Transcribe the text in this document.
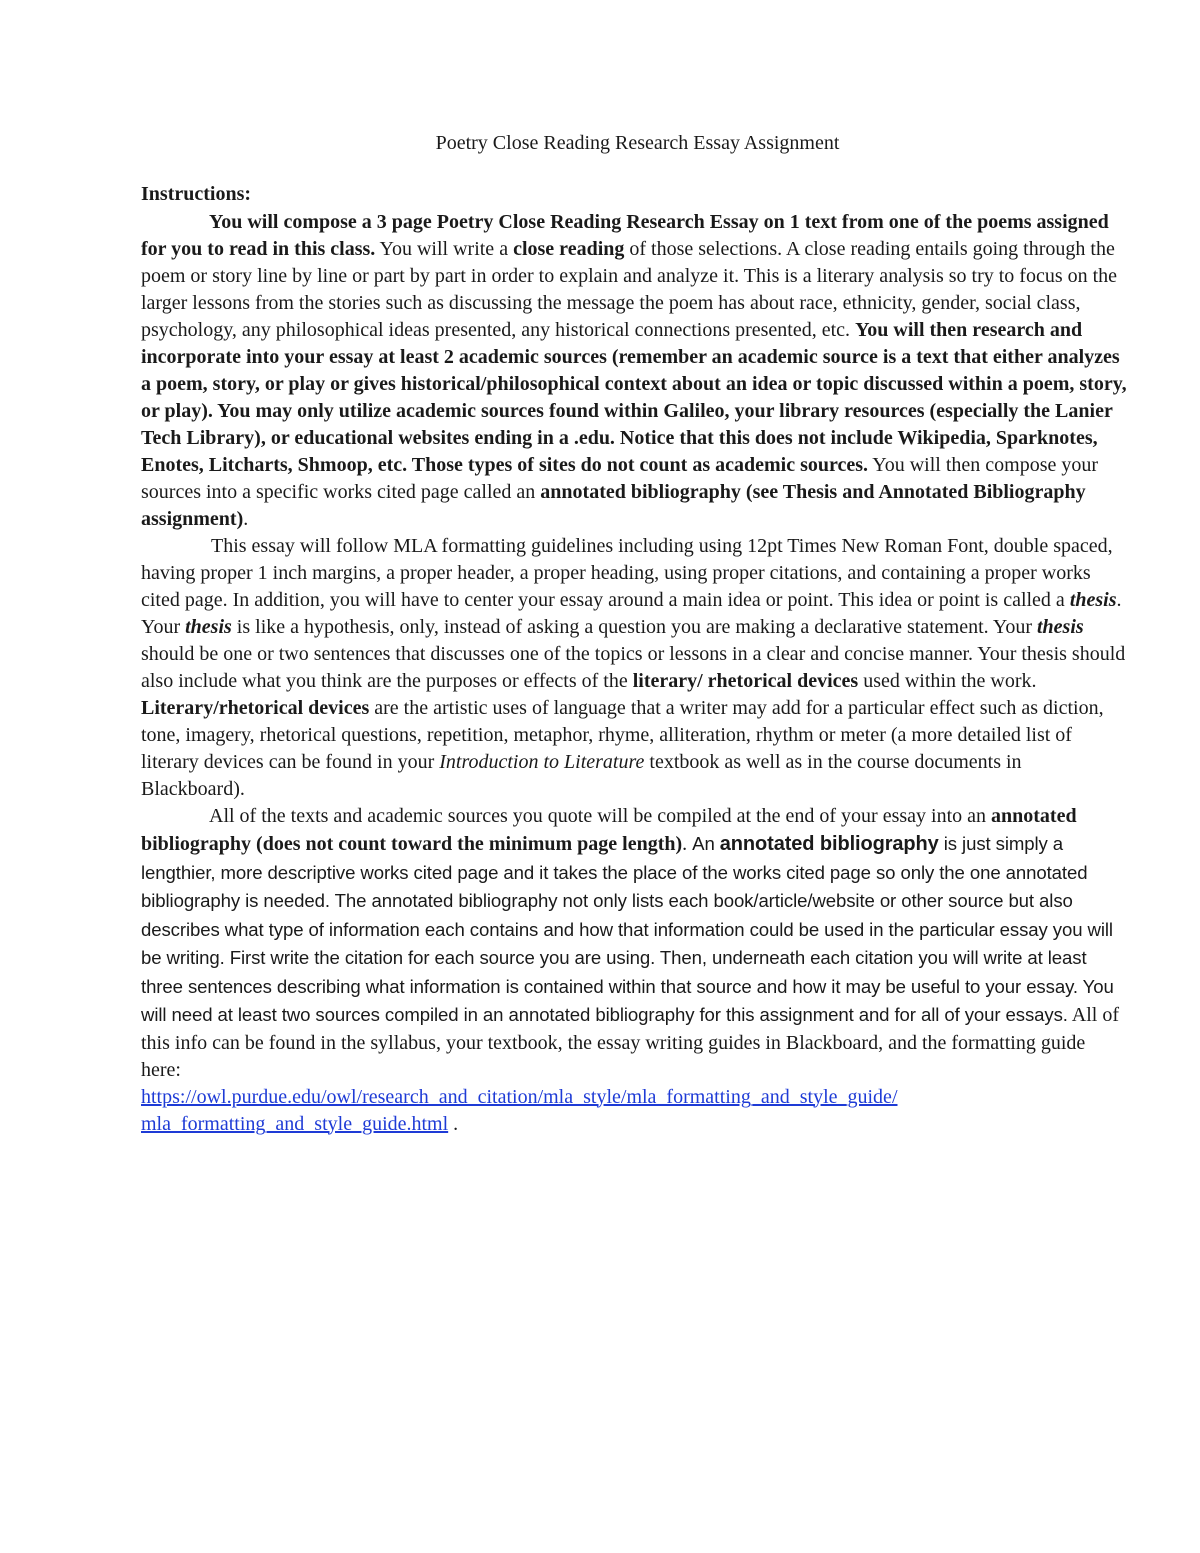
Poetry Close Reading Research Essay Assignment

Instructions:

You will compose a 3 page Poetry Close Reading Research Essay on 1 text from one of the poems assigned for you to read in this class. You will write a close reading of those selections. A close reading entails going through the poem or story line by line or part by part in order to explain and analyze it. This is a literary analysis so try to focus on the larger lessons from the stories such as discussing the message the poem has about race, ethnicity, gender, social class, psychology, any philosophical ideas presented, any historical connections presented, etc. You will then research and incorporate into your essay at least 2 academic sources (remember an academic source is a text that either analyzes a poem, story, or play or gives historical/philosophical context about an idea or topic discussed within a poem, story, or play). You may only utilize academic sources found within Galileo, your library resources (especially the Lanier Tech Library), or educational websites ending in a .edu. Notice that this does not include Wikipedia, Sparknotes, Enotes, Litcharts, Shmoop, etc. Those types of sites do not count as academic sources. You will then compose your sources into a specific works cited page called an annotated bibliography (see Thesis and Annotated Bibliography assignment).

This essay will follow MLA formatting guidelines including using 12pt Times New Roman Font, double spaced, having proper 1 inch margins, a proper header, a proper heading, using proper citations, and containing a proper works cited page. In addition, you will have to center your essay around a main idea or point. This idea or point is called a thesis. Your thesis is like a hypothesis, only, instead of asking a question you are making a declarative statement. Your thesis should be one or two sentences that discusses one of the topics or lessons in a clear and concise manner. Your thesis should also include what you think are the purposes or effects of the literary/ rhetorical devices used within the work. Literary/rhetorical devices are the artistic uses of language that a writer may add for a particular effect such as diction, tone, imagery, rhetorical questions, repetition, metaphor, rhyme, alliteration, rhythm or meter (a more detailed list of literary devices can be found in your Introduction to Literature textbook as well as in the course documents in Blackboard).

All of the texts and academic sources you quote will be compiled at the end of your essay into an annotated bibliography (does not count toward the minimum page length). An annotated bibliography is just simply a lengthier, more descriptive works cited page and it takes the place of the works cited page so only the one annotated bibliography is needed. The annotated bibliography not only lists each book/article/website or other source but also describes what type of information each contains and how that information could be used in the particular essay you will be writing. First write the citation for each source you are using. Then, underneath each citation you will write at least three sentences describing what information is contained within that source and how it may be useful to your essay. You will need at least two sources compiled in an annotated bibliography for this assignment and for all of your essays. All of this info can be found in the syllabus, your textbook, the essay writing guides in Blackboard, and the formatting guide here:
https://owl.purdue.edu/owl/research_and_citation/mla_style/mla_formatting_and_style_guide/
mla_formatting_and_style_guide.html .
